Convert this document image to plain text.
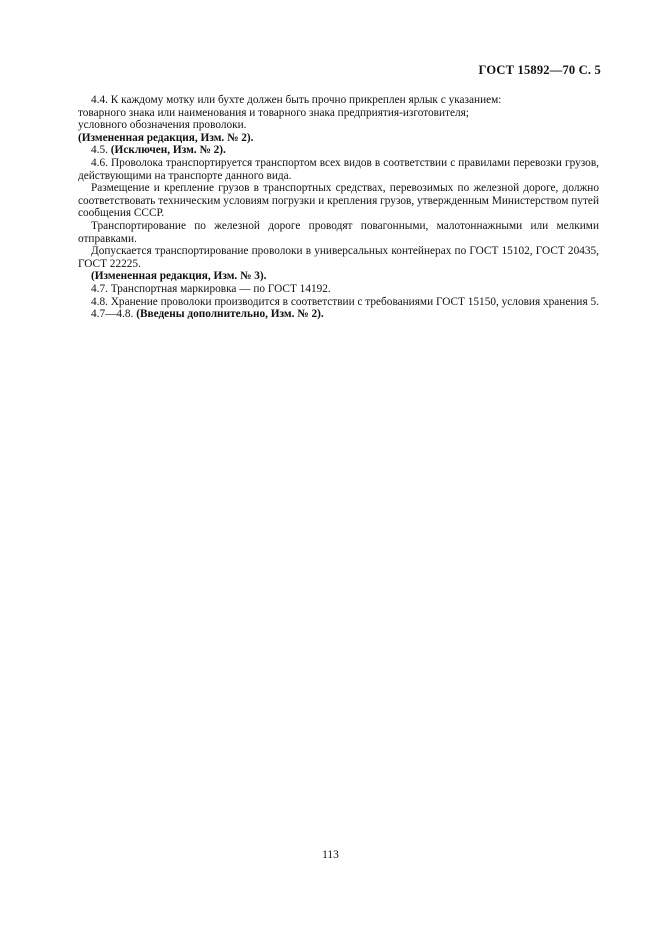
ГОСТ 15892—70 С. 5

4.4. К каждому мотку или бухте должен быть прочно прикреплен ярлык с указанием:

товарного знака или наименования и товарного знака предприятия-изготовителя;

условного обозначения проволоки.

(Измененная редакция, Изм. № 2).

4.5. (Исключен, Изм. № 2).

4.6. Проволока транспортируется транспортом всех видов в соответствии с правилами перевозки грузов, действующими на транспорте данного вида.

Размещение и крепление грузов в транспортных средствах, перевозимых по железной дороге, должно соответствовать техническим условиям погрузки и крепления грузов, утвержденным Министерством путей сообщения СССР.

Транспортирование по железной дороге проводят повагонными, малотоннажными или мелкими отправками.

Допускается транспортирование проволоки в универсальных контейнерах по ГОСТ 15102, ГОСТ 20435, ГОСТ 22225.

(Измененная редакция, Изм. № 3).

4.7. Транспортная маркировка — по ГОСТ 14192.

4.8. Хранение проволоки производится в соответствии с требованиями ГОСТ 15150, условия хранения 5.

4.7—4.8. (Введены дополнительно, Изм. № 2).

113
